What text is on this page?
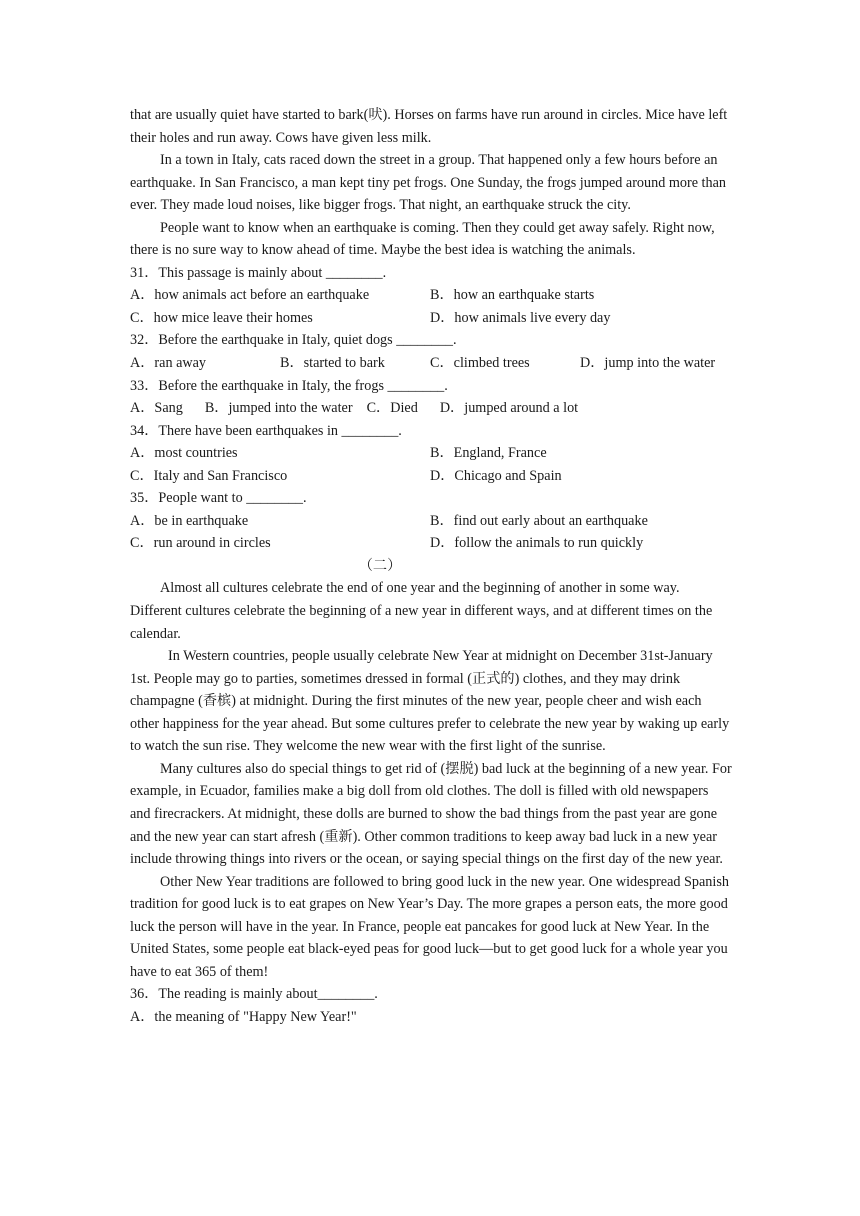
that are usually quiet have started to bark(吠). Horses on farms have run around in circles. Mice have left their holes and run away. Cows have given less milk.

In a town in Italy, cats raced down the street in a group. That happened only a few hours before an earthquake. In San Francisco, a man kept tiny pet frogs. One Sunday, the frogs jumped around more than ever. They made loud noises, like bigger frogs. That night, an earthquake struck the city.

People want to know when an earthquake is coming. Then they could get away safely. Right now, there is no sure way to know ahead of time. Maybe the best idea is watching the animals.

31．This passage is mainly about ________.

A．how animals act before an earthquake	B．how an earthquake starts
C．how mice leave their homes	D．how animals live every day

32．Before the earthquake in Italy, quiet dogs ________.

A．ran away	B．started to bark	C．climbed trees	D．jump into the water

33．Before the earthquake in Italy, the frogs ________.

A．Sang B．jumped into the water C．Died D．jumped around a lot

34．There have been earthquakes in ________.

A．most countries	B．England, France
C．Italy and San Francisco	D．Chicago and Spain

35．People want to ________.

A．be in earthquake	B．find out early about an earthquake
C．run around in circles	D．follow the animals to run quickly

（二）

Almost all cultures celebrate the end of one year and the beginning of another in some way. Different cultures celebrate the beginning of a new year in different ways, and at different times on the calendar.

In Western countries, people usually celebrate New Year at midnight on December 31st-January 1st. People may go to parties, sometimes dressed in formal (正式的) clothes, and they may drink champagne (香槟) at midnight. During the first minutes of the new year, people cheer and wish each other happiness for the year ahead. But some cultures prefer to celebrate the new year by waking up early to watch the sun rise. They welcome the new wear with the first light of the sunrise.

Many cultures also do special things to get rid of (摆脱) bad luck at the beginning of a new year. For example, in Ecuador, families make a big doll from old clothes. The doll is filled with old newspapers and firecrackers. At midnight, these dolls are burned to show the bad things from the past year are gone and the new year can start afresh (重新). Other common traditions to keep away bad luck in a new year include throwing things into rivers or the ocean, or saying special things on the first day of the new year.

Other New Year traditions are followed to bring good luck in the new year. One widespread Spanish tradition for good luck is to eat grapes on New Year’s Day. The more grapes a person eats, the more good luck the person will have in the year. In France, people eat pancakes for good luck at New Year. In the United States, some people eat black-eyed peas for good luck—but to get good luck for a whole year you have to eat 365 of them!

36．The reading is mainly about________.

A．the meaning of "Happy New Year!"
